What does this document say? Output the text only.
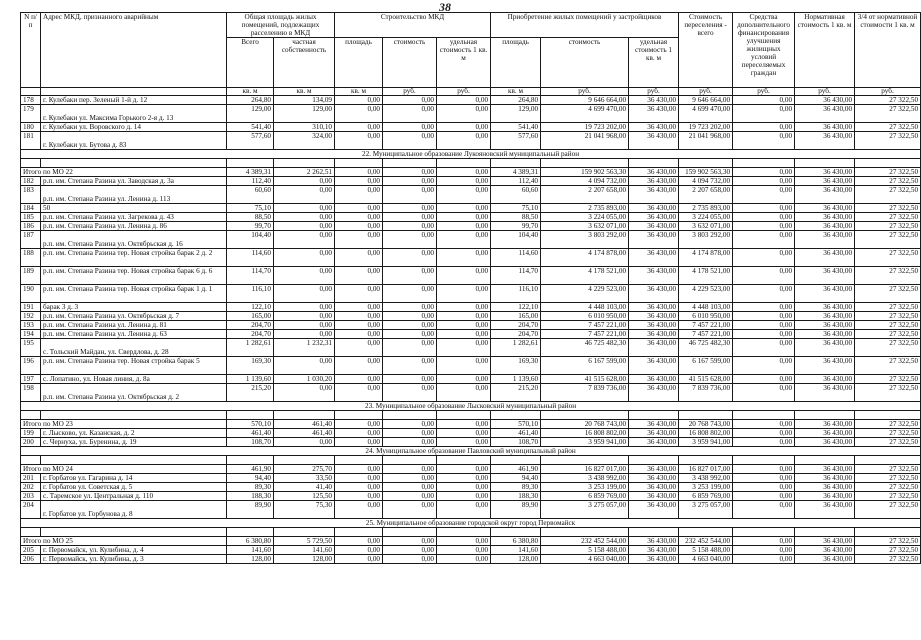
38
N п/п	Адрес МКД, признанного аварийным	Общая площадь жилых помещений, подлежащих расселению в МКД		Строительство МКД			Приобретение жилых помещений у застройщиков			Стоимость переселения - всего	Средства дополнительного финансирования улучшения жилищных условий переселяемых граждан	Нормативная стоимость 1 кв. м	3/4 от нормативной стоимости 1 кв. м
		Всего	частная собственность	площадь	стоимость	удельная стоимость 1 кв. м	площадь	стоимость	удельная стоимость 1 кв. м				
		кв. м	кв. м	кв. м	руб.	руб.	кв. м	руб.	руб.	руб.	руб.	руб.	руб.
178	г. Кулебаки пер. Зеленый 1-й д. 12	264,80	134,09	0,00	0,00	0,00	264,80	9 646 664,00	36 430,00	9 646 664,00	0,00	36 430,00	27 322,50
179	г. Кулебаки ул. Максима Горького 2-я д. 13	129,00	129,00	0,00	0,00	0,00	129,00	4 699 470,00	36 430,00	4 699 470,00	0,00	36 430,00	27 322,50
180	г. Кулебаки ул. Воровского д. 14	541,40	310,10	0,00	0,00	0,00	541,40	19 723 202,00	36 430,00	19 723 202,00	0,00	36 430,00	27 322,50
181	г. Кулебаки ул. Бутова д. 83	577,60	324,00	0,00	0,00	0,00	577,60	21 041 968,00	36 430,00	21 041 968,00	0,00	36 430,00	27 322,50
22. Муниципальное образование Лукояновский муниципальный район													

Итого по МО 22		4 389,31	2 262,51	0,00	0,00	0,00	4 389,31	159 902 563,30	36 430,00	159 902 563,30	0,00	36 430,00	27 322,50
182	р.п. им. Степана Разина ул. Заводская д. 3а	112,40	0,00	0,00	0,00	0,00	112,40	4 094 732,00	36 430,00	4 094 732,00	0,00	36 430,00	27 322,50
183	р.п. им. Степана Разина ул. Ленина д. 113	60,60	0,00	0,00	0,00	0,00	60,60	2 207 658,00	36 430,00	2 207 658,00	0,00	36 430,00	27 322,50
184	50	75,10	0,00	0,00	0,00	0,00	75,10	2 735 893,00	36 430,00	2 735 893,00	0,00	36 430,00	27 322,50
185	р.п. им. Степана Разина ул. Загрекова д. 43	88,50	0,00	0,00	0,00	0,00	88,50	3 224 055,00	36 430,00	3 224 055,00	0,00	36 430,00	27 322,50
186	р.п. им. Степана Разина ул. Ленина д. 86	99,70	0,00	0,00	0,00	0,00	99,70	3 632 071,00	36 430,00	3 632 071,00	0,00	36 430,00	27 322,50
187	р.п. им. Степана Разина ул. Октябрьская д. 16	104,40	0,00	0,00	0,00	0,00	104,40	3 803 292,00	36 430,00	3 803 292,00	0,00	36 430,00	27 322,50
188	р.п. им. Степана Разина тер. Новая стройка барак 2 д. 2	114,60	0,00	0,00	0,00	0,00	114,60	4 174 878,00	36 430,00	4 174 878,00	0,00	36 430,00	27 322,50
189	р.п. им. Степана Разина тер. Новая стройка барак 6 д. 6	114,70	0,00	0,00	0,00	0,00	114,70	4 178 521,00	36 430,00	4 178 521,00	0,00	36 430,00	27 322,50
190	р.п. им. Степана Разина тер. Новая стройка барак 1 д. 1	116,10	0,00	0,00	0,00	0,00	116,10	4 229 523,00	36 430,00	4 229 523,00	0,00	36 430,00	27 322,50
191	барак 3 д. 3	122,10	0,00	0,00	0,00	0,00	122,10	4 448 103,00	36 430,00	4 448 103,00	0,00	36 430,00	27 322,50
192	р.п. им. Степана Разина ул. Октябрьская д. 7	165,00	0,00	0,00	0,00	0,00	165,00	6 010 950,00	36 430,00	6 010 950,00	0,00	36 430,00	27 322,50
193	р.п. им. Степана Разина ул. Ленина д. 81	204,70	0,00	0,00	0,00	0,00	204,70	7 457 221,00	36 430,00	7 457 221,00	0,00	36 430,00	27 322,50
194	р.п. им. Степана Разина ул. Ленина д. 63	204,70	0,00	0,00	0,00	0,00	204,70	7 457 221,00	36 430,00	7 457 221,00	0,00	36 430,00	27 322,50
195	с. Тольский Майдан, ул. Свердлова, д. 28	1 282,61	1 232,31	0,00	0,00	0,00	1 282,61	46 725 482,30	36 430,00	46 725 482,30	0,00	36 430,00	27 322,50
196	р.п. им. Степана Разина тер. Новая стройка барак 5	169,30	0,00	0,00	0,00	0,00	169,30	6 167 599,00	36 430,00	6 167 599,00	0,00	36 430,00	27 322,50
197	с. Лопатино, ул. Новая линия, д. 8а	1 139,60	1 030,20	0,00	0,00	0,00	1 139,60	41 515 628,00	36 430,00	41 515 628,00	0,00	36 430,00	27 322,50
198	р.п. им. Степана Разина ул. Октябрьская д. 2	215,20	0,00	0,00	0,00	0,00	215,20	7 839 736,00	36 430,00	7 839 736,00	0,00	36 430,00	27 322,50
23. Муниципальное образование Лысковский муниципальный район													

Итого по МО 23		570,10	461,40	0,00	0,00	0,00	570,10	20 768 743,00	36 430,00	20 768 743,00	0,00	36 430,00	27 322,50
199	г. Лысково, ул. Казанская, д. 2	461,40	461,40	0,00	0,00	0,00	461,40	16 808 802,00	36 430,00	16 808 802,00	0,00	36 430,00	27 322,50
200	с. Чернуха, ул. Буренина, д. 19	108,70	0,00	0,00	0,00	0,00	108,70	3 959 941,00	36 430,00	3 959 941,00	0,00	36 430,00	27 322,50
24. Муниципальное образование Павловский муниципальный район													

Итого по МО 24		461,90	275,70	0,00	0,00	0,00	461,90	16 827 017,00	36 430,00	16 827 017,00	0,00	36 430,00	27 322,50
201	г. Горбатов ул. Гагарина д. 14	94,40	33,50	0,00	0,00	0,00	94,40	3 438 992,00	36 430,00	3 438 992,00	0,00	36 430,00	27 322,50
202	г. Горбатов ул. Советская д. 5	89,30	41,40	0,00	0,00	0,00	89,30	3 253 199,00	36 430,00	3 253 199,00	0,00	36 430,00	27 322,50
203	с. Таремское ул. Центральная д. 110	188,30	125,50	0,00	0,00	0,00	188,30	6 859 769,00	36 430,00	6 859 769,00	0,00	36 430,00	27 322,50
204	г. Горбатов ул. Горбунова д. 8	89,90	75,30	0,00	0,00	0,00	89,90	3 275 057,00	36 430,00	3 275 057,00	0,00	36 430,00	27 322,50
25. Муниципальное образование городской округ город Первомайск													

Итого по МО 25		6 380,80	5 729,50	0,00	0,00	0,00	6 380,80	232 452 544,00	36 430,00	232 452 544,00	0,00	36 430,00	27 322,50
205	г. Первомайск, ул. Кулибина, д. 4	141,60	141,60	0,00	0,00	0,00	141,60	5 158 488,00	36 430,00	5 158 488,00	0,00	36 430,00	27 322,50
206	г. Первомайск, ул. Кулибина, д. 3	128,00	128,00	0,00	0,00	0,00	128,00	4 663 040,00	36 430,00	4 663 040,00	0,00	36 430,00	27 322,50
